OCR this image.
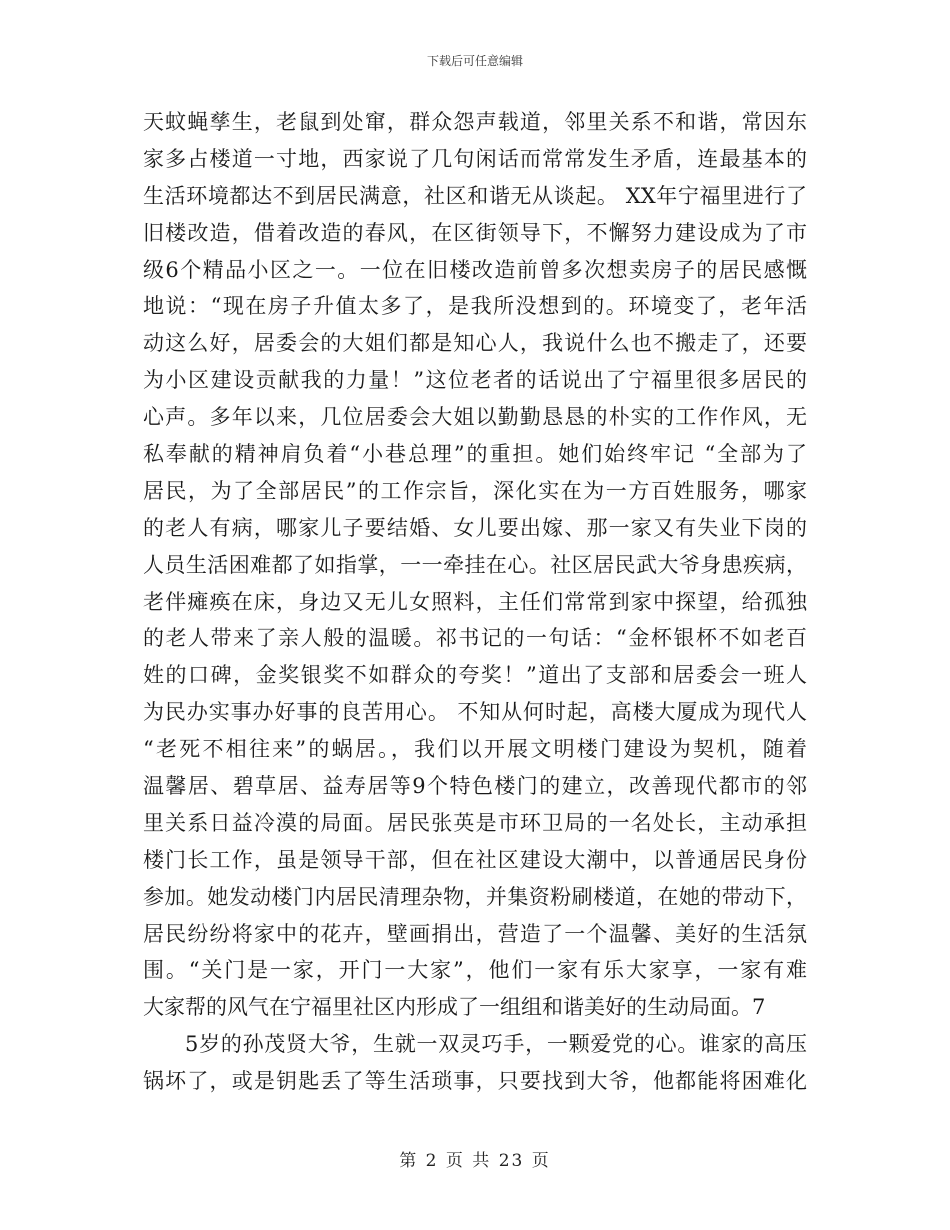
下载后可任意编辑
天蚊蝇孳生，老鼠到处窜，群众怨声载道，邻里关系不和谐，常因东
家多占楼道一寸地，西家说了几句闲话而常常发生矛盾，连最基本的
生活环境都达不到居民满意，社区和谐无从谈起。 XX年宁福里进行了
旧楼改造，借着改造的春风，在区街领导下，不懈努力建设成为了市
级6个精品小区之一。一位在旧楼改造前曾多次想卖房子的居民感慨
地说：“现在房子升值太多了，是我所没想到的。环境变了，老年活
动这么好，居委会的大姐们都是知心人，我说什么也不搬走了，还要
为小区建设贡献我的力量！”这位老者的话说出了宁福里很多居民的
心声。多年以来，几位居委会大姐以勤勤恳恳的朴实的工作作风，无
私奉献的精神肩负着“小巷总理”的重担。她们始终牢记 “全部为了
居民，为了全部居民”的工作宗旨，深化实在为一方百姓服务，哪家
的老人有病，哪家儿子要结婚、女儿要出嫁、那一家又有失业下岗的
人员生活困难都了如指掌，一一牵挂在心。社区居民武大爷身患疾病，
老伴瘫痪在床，身边又无儿女照料，主任们常常到家中探望，给孤独
的老人带来了亲人般的温暖。祁书记的一句话：“金杯银杯不如老百
姓的口碑，金奖银奖不如群众的夸奖！”道出了支部和居委会一班人
为民办实事办好事的良苦用心。 不知从何时起，高楼大厦成为现代人
“老死不相往来”的蜗居。，我们以开展文明楼门建设为契机，随着
温馨居、碧草居、益寿居等9个特色楼门的建立，改善现代都市的邻
里关系日益冷漠的局面。居民张英是市环卫局的一名处长，主动承担
楼门长工作，虽是领导干部，但在社区建设大潮中，以普通居民身份
参加。她发动楼门内居民清理杂物，并集资粉刷楼道，在她的带动下，
居民纷纷将家中的花卉，壁画捐出，营造了一个温馨、美好的生活氛
围。“关门是一家，开门一大家”，他们一家有乐大家享，一家有难
大家帮的风气在宁福里社区内形成了一组组和谐美好的生动局面。7
5岁的孙茂贤大爷，生就一双灵巧手，一颗爱党的心。谁家的高压
锅坏了，或是钥匙丢了等生活琐事，只要找到大爷，他都能将困难化
第 2 页 共 23 页
